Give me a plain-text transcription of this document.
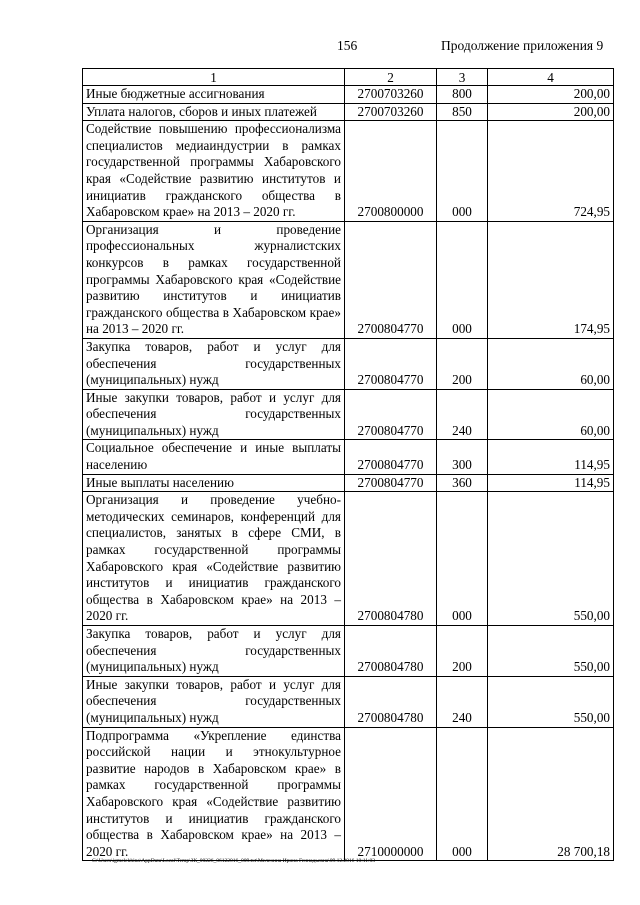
156	Продолжение приложения 9
1	2	3	4
Иные бюджетные ассигнования	2700703260	800	200,00
Уплата налогов, сборов и иных платежей	2700703260	850	200,00
Содействие повышению профессионализма специалистов медиаиндустрии в рамках государственной программы Хабаровского края «Содействие развитию институтов и инициатив гражданского общества в Хабаровском крае» на 2013 – 2020 гг.	2700800000	000	724,95
Организация и проведение профессиональных журналистских конкурсов в рамках государственной программы Хабаровского края «Содействие развитию институтов и инициатив гражданского общества в Хабаровском крае» на 2013 – 2020 гг.	2700804770	000	174,95
Закупка товаров, работ и услуг для обеспечения государственных (муниципальных) нужд	2700804770	200	60,00
Иные закупки товаров, работ и услуг для обеспечения государственных (муниципальных) нужд	2700804770	240	60,00
Социальное обеспечение и иные выплаты населению	2700804770	300	114,95
Иные выплаты населению	2700804770	360	114,95
Организация и проведение учебно-методических семинаров, конференций для специалистов, занятых в сфере СМИ, в рамках государственной программы Хабаровского края «Содействие развитию институтов и инициатив гражданского общества в Хабаровском крае» на 2013 – 2020 гг.	2700804780	000	550,00
Закупка товаров, работ и услуг для обеспечения государственных (муниципальных) нужд	2700804780	200	550,00
Иные закупки товаров, работ и услуг для обеспечения государственных (муниципальных) нужд	2700804780	240	550,00
Подпрограмма «Укрепление единства российской нации и этнокультурное развитие народов в Хабаровском крае» в рамках государственной программы Хабаровского края «Содействие развитию институтов и инициатив гражданского общества в Хабаровском крае» на 2013 – 2020 гг.	2710000000	000	28 700,18
C:\Users\igmelekhina\AppData\Local\Temp\ЗК_00226_06122016_009.txt\Мелехина Ирина Геннадьевна\09.12.2016 10:11:03
